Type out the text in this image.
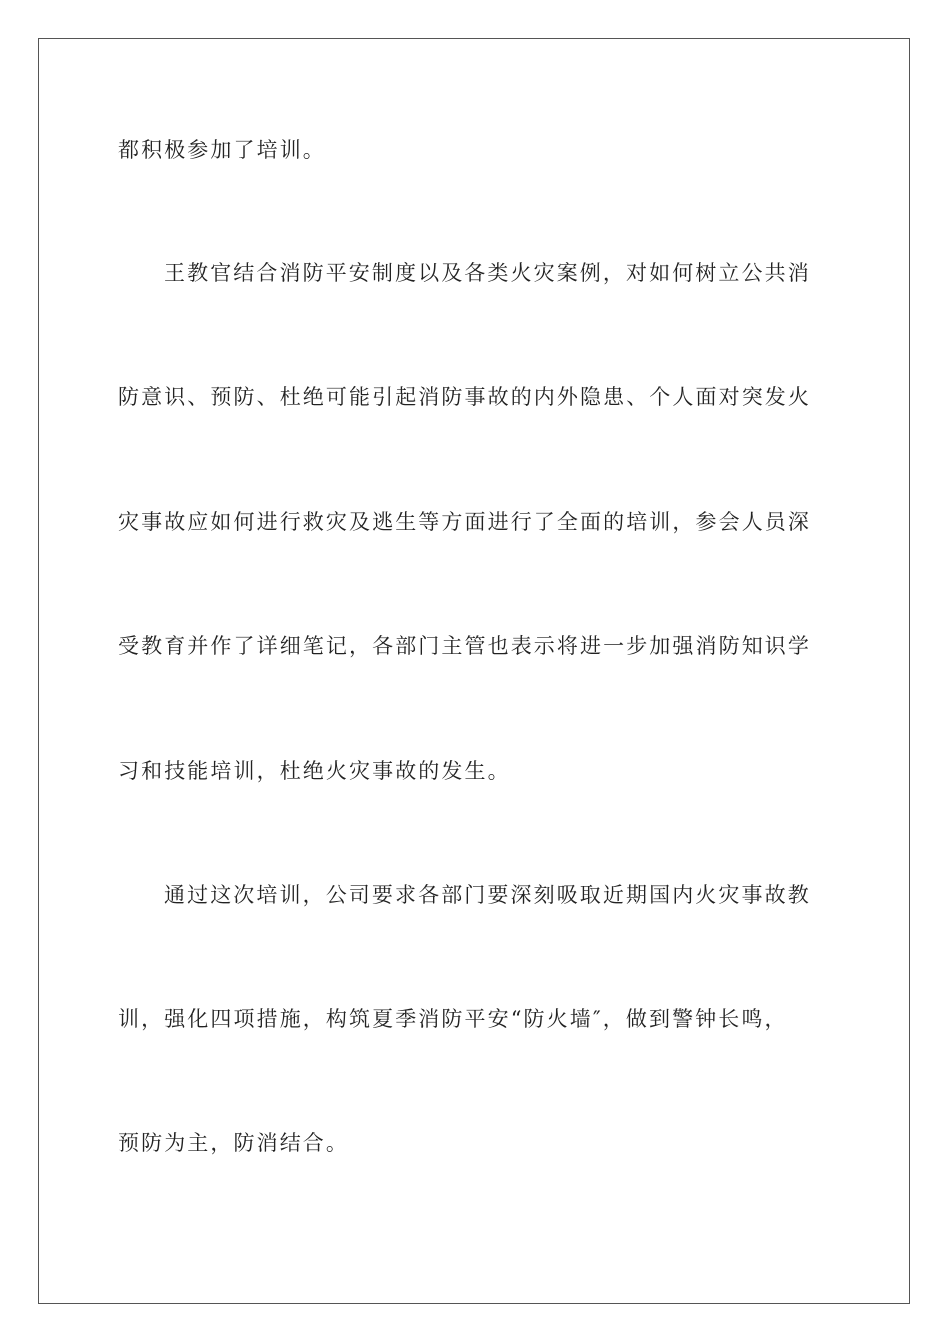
都积极参加了培训。
王教官结合消防平安制度以及各类火灾案例，对如何树立公共消
防意识、预防、杜绝可能引起消防事故的内外隐患、个人面对突发火
灾事故应如何进行救灾及逃生等方面进行了全面的培训，参会人员深
受教育并作了详细笔记，各部门主管也表示将进一步加强消防知识学
习和技能培训，杜绝火灾事故的发生。
通过这次培训，公司要求各部门要深刻吸取近期国内火灾事故教
训，强化四项措施，构筑夏季消防平安“防火墙″，做到警钟长鸣，
预防为主，防消结合。
